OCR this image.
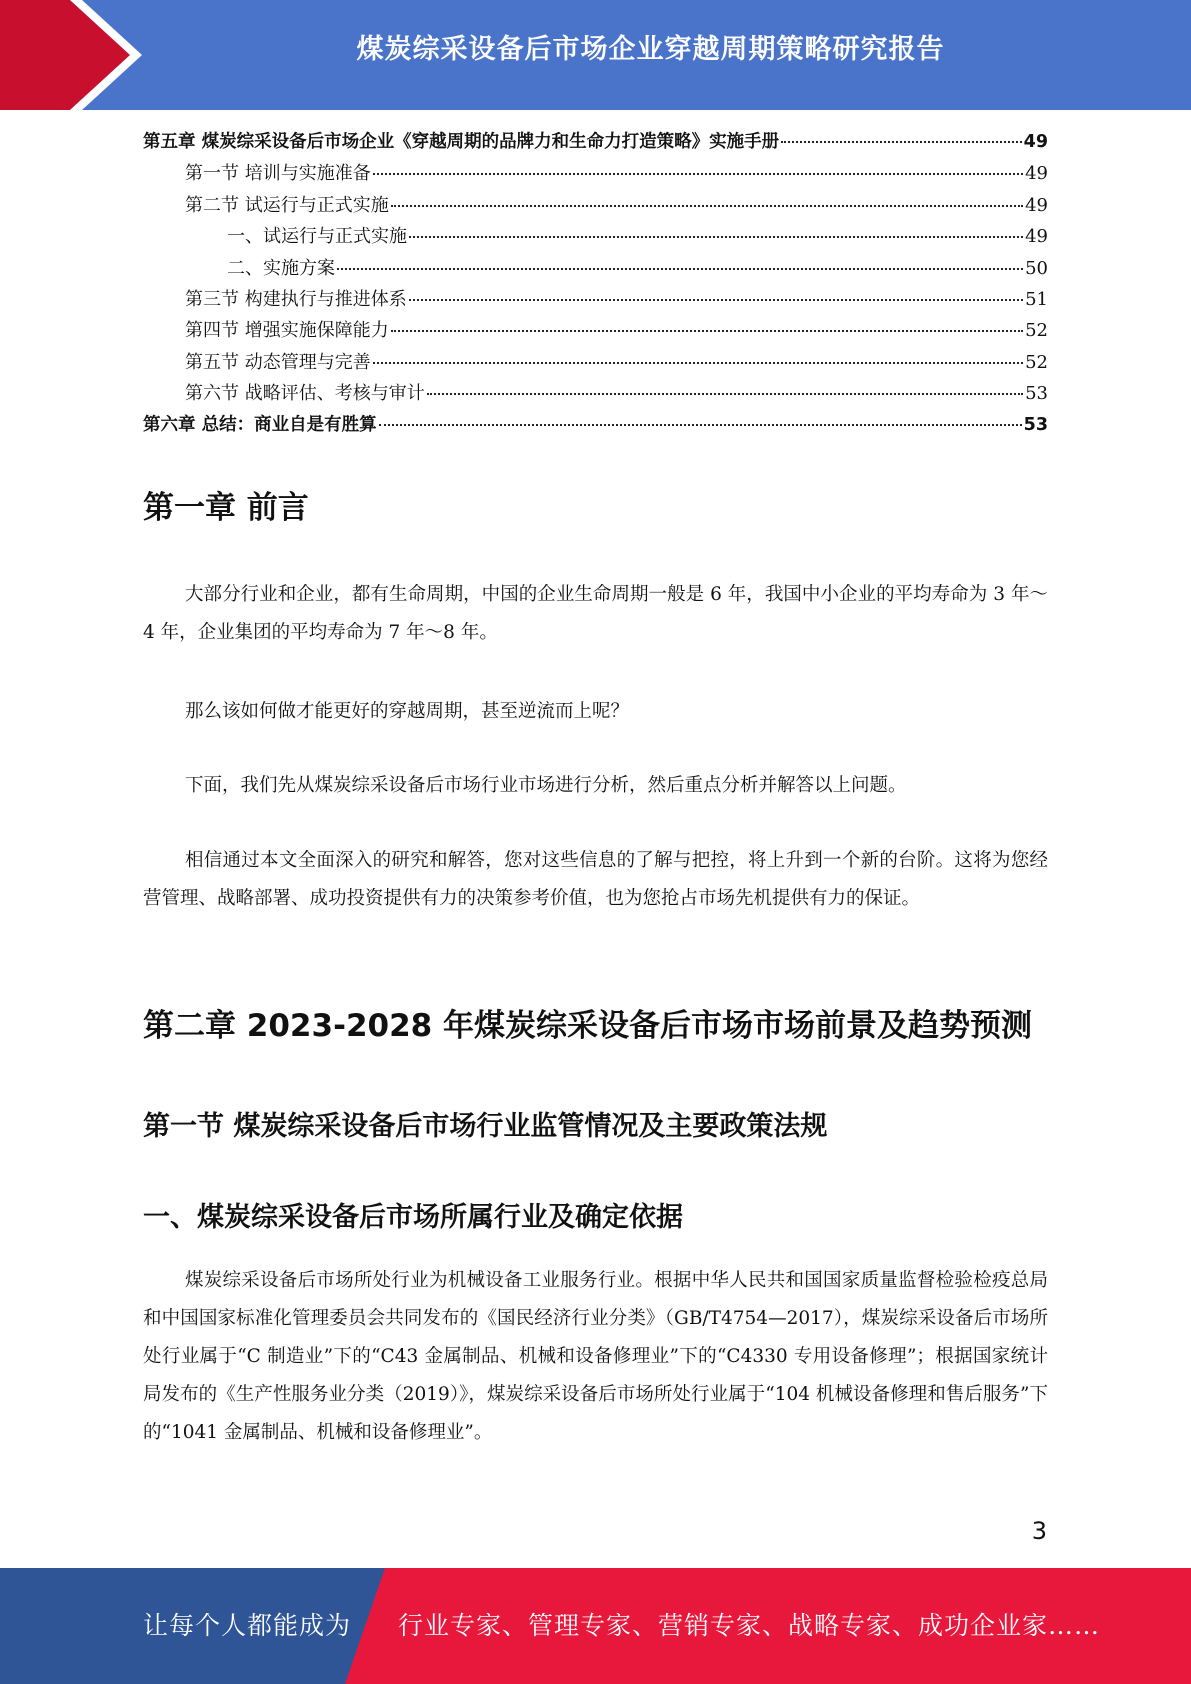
煤炭综采设备后市场企业穿越周期策略研究报告
第五章 煤炭综采设备后市场企业《穿越周期的品牌力和生命力打造策略》实施手册	49
第一节 培训与实施准备	49
第二节 试运行与正式实施	49
一、试运行与正式实施	49
二、实施方案	50
第三节 构建执行与推进体系	51
第四节 增强实施保障能力	52
第五节 动态管理与完善	52
第六节 战略评估、考核与审计	53
第六章 总结：商业自是有胜算	53
第一章 前言

大部分行业和企业，都有生命周期，中国的企业生命周期一般是 6 年，我国中小企业的平均寿命为 3 年～4 年，企业集团的平均寿命为 7 年～8 年。

那么该如何做才能更好的穿越周期，甚至逆流而上呢？

下面，我们先从煤炭综采设备后市场行业市场进行分析，然后重点分析并解答以上问题。

相信通过本文全面深入的研究和解答，您对这些信息的了解与把控，将上升到一个新的台阶。这将为您经营管理、战略部署、成功投资提供有力的决策参考价值，也为您抢占市场先机提供有力的保证。

第二章 2023-2028 年煤炭综采设备后市场市场前景及趋势预测
第一节 煤炭综采设备后市场行业监管情况及主要政策法规
一、煤炭综采设备后市场所属行业及确定依据

煤炭综采设备后市场所处行业为机械设备工业服务行业。根据中华人民共和国国家质量监督检验检疫总局和中国国家标准化管理委员会共同发布的《国民经济行业分类》（GB/T4754—2017），煤炭综采设备后市场所处行业属于“C 制造业”下的“C43 金属制品、机械和设备修理业”下的“C4330 专用设备修理”；根据国家统计局发布的《生产性服务业分类（2019）》，煤炭综采设备后市场所处行业属于“104 机械设备修理和售后服务”下的“1041 金属制品、机械和设备修理业”。

3
让每个人都能成为 行业专家、管理专家、营销专家、战略专家、成功企业家……
